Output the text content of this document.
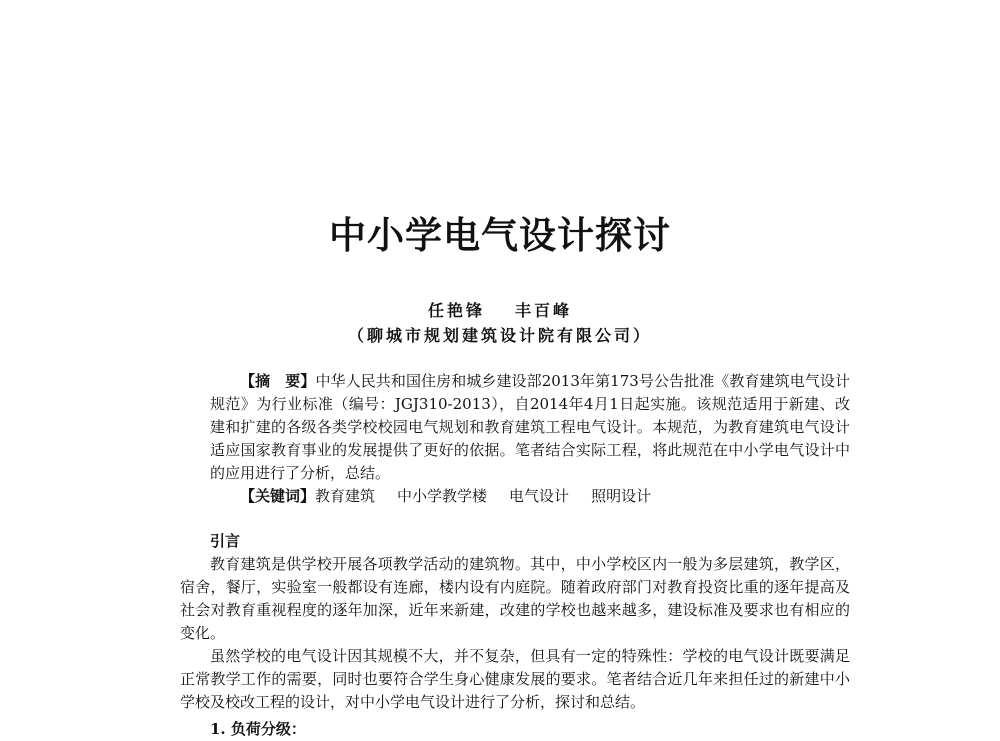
中小学电气设计探讨
任艳锋 丰百峰
（聊城市规划建筑设计院有限公司）
【摘　要】中华人民共和国住房和城乡建设部2013年第173号公告批准《教育建筑电气设计规范》为行业标准（编号：JGJ310-2013），自2014年4月1日起实施。该规范适用于新建、改建和扩建的各级各类学校校园电气规划和教育建筑工程电气设计。本规范，为教育建筑电气设计适应国家教育事业的发展提供了更好的依据。笔者结合实际工程，将此规范在中小学电气设计中的应用进行了分析，总结。
【关键词】教育建筑 中小学教学楼 电气设计 照明设计
引言

教育建筑是供学校开展各项教学活动的建筑物。其中，中小学校区内一般为多层建筑，教学区，宿舍，餐厅，实验室一般都设有连廊，楼内设有内庭院。随着政府部门对教育投资比重的逐年提高及社会对教育重视程度的逐年加深，近年来新建，改建的学校也越来越多，建设标准及要求也有相应的变化。

虽然学校的电气设计因其规模不大，并不复杂，但具有一定的特殊性：学校的电气设计既要满足正常教学工作的需要，同时也要符合学生身心健康发展的要求。笔者结合近几年来担任过的新建中小学校及校改工程的设计，对中小学电气设计进行了分析，探讨和总结。

1. 负荷分级：
